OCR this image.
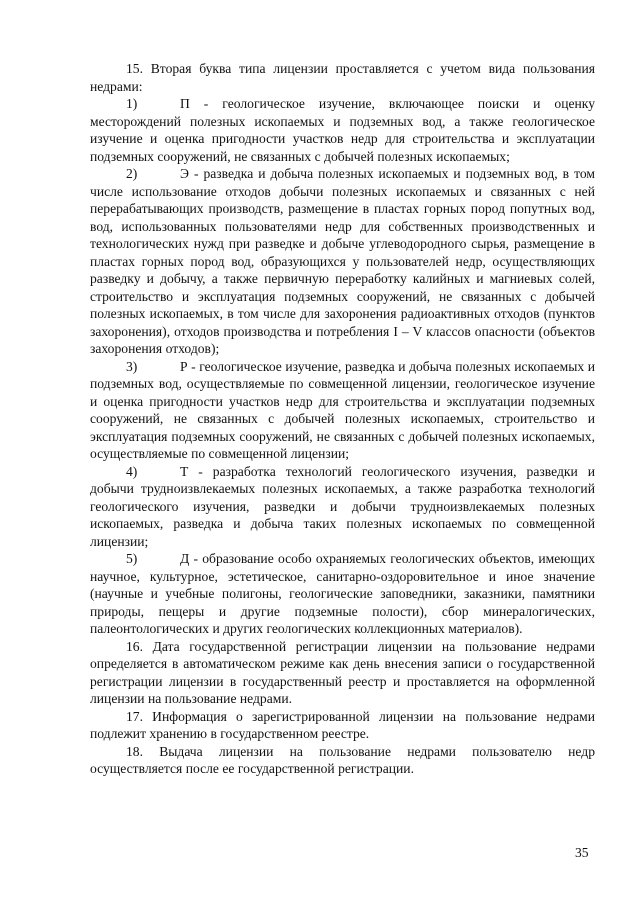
15. Вторая буква типа лицензии проставляется с учетом вида пользования недрами:

1)	П - геологическое изучение, включающее поиски и оценку месторождений полезных ископаемых и подземных вод, а также геологическое изучение и оценка пригодности участков недр для строительства и эксплуатации подземных сооружений, не связанных с добычей полезных ископаемых;

2)	Э - разведка и добыча полезных ископаемых и подземных вод, в том числе использование отходов добычи полезных ископаемых и связанных с ней перерабатывающих производств, размещение в пластах горных пород попутных вод, вод, использованных пользователями недр для собственных производственных и технологических нужд при разведке и добыче углеводородного сырья, размещение в пластах горных пород вод, образующихся у пользователей недр, осуществляющих разведку и добычу, а также первичную переработку калийных и магниевых солей, строительство и эксплуатация подземных сооружений, не связанных с добычей полезных ископаемых, в том числе для захоронения радиоактивных отходов (пунктов захоронения), отходов производства и потребления I – V классов опасности (объектов захоронения отходов);

3)	Р - геологическое изучение, разведка и добыча полезных ископаемых и подземных вод, осуществляемые по совмещенной лицензии, геологическое изучение и оценка пригодности участков недр для строительства и эксплуатации подземных сооружений, не связанных с добычей полезных ископаемых, строительство и эксплуатация подземных сооружений, не связанных с добычей полезных ископаемых, осуществляемые по совмещенной лицензии;

4)	Т - разработка технологий геологического изучения, разведки и добычи трудноизвлекаемых полезных ископаемых, а также разработка технологий геологического изучения, разведки и добычи трудноизвлекаемых полезных ископаемых, разведка и добыча таких полезных ископаемых по совмещенной лицензии;

5)	Д - образование особо охраняемых геологических объектов, имеющих научное, культурное, эстетическое, санитарно-оздоровительное и иное значение (научные и учебные полигоны, геологические заповедники, заказники, памятники природы, пещеры и другие подземные полости), сбор минералогических, палеонтологических и других геологических коллекционных материалов).

16. Дата государственной регистрации лицензии на пользование недрами определяется в автоматическом режиме как день внесения записи о государственной регистрации лицензии в государственный реестр и проставляется на оформленной лицензии на пользование недрами.

17. Информация о зарегистрированной лицензии на пользование недрами подлежит хранению в государственном реестре.

18. Выдача лицензии на пользование недрами пользователю недр осуществляется после ее государственной регистрации.

35
